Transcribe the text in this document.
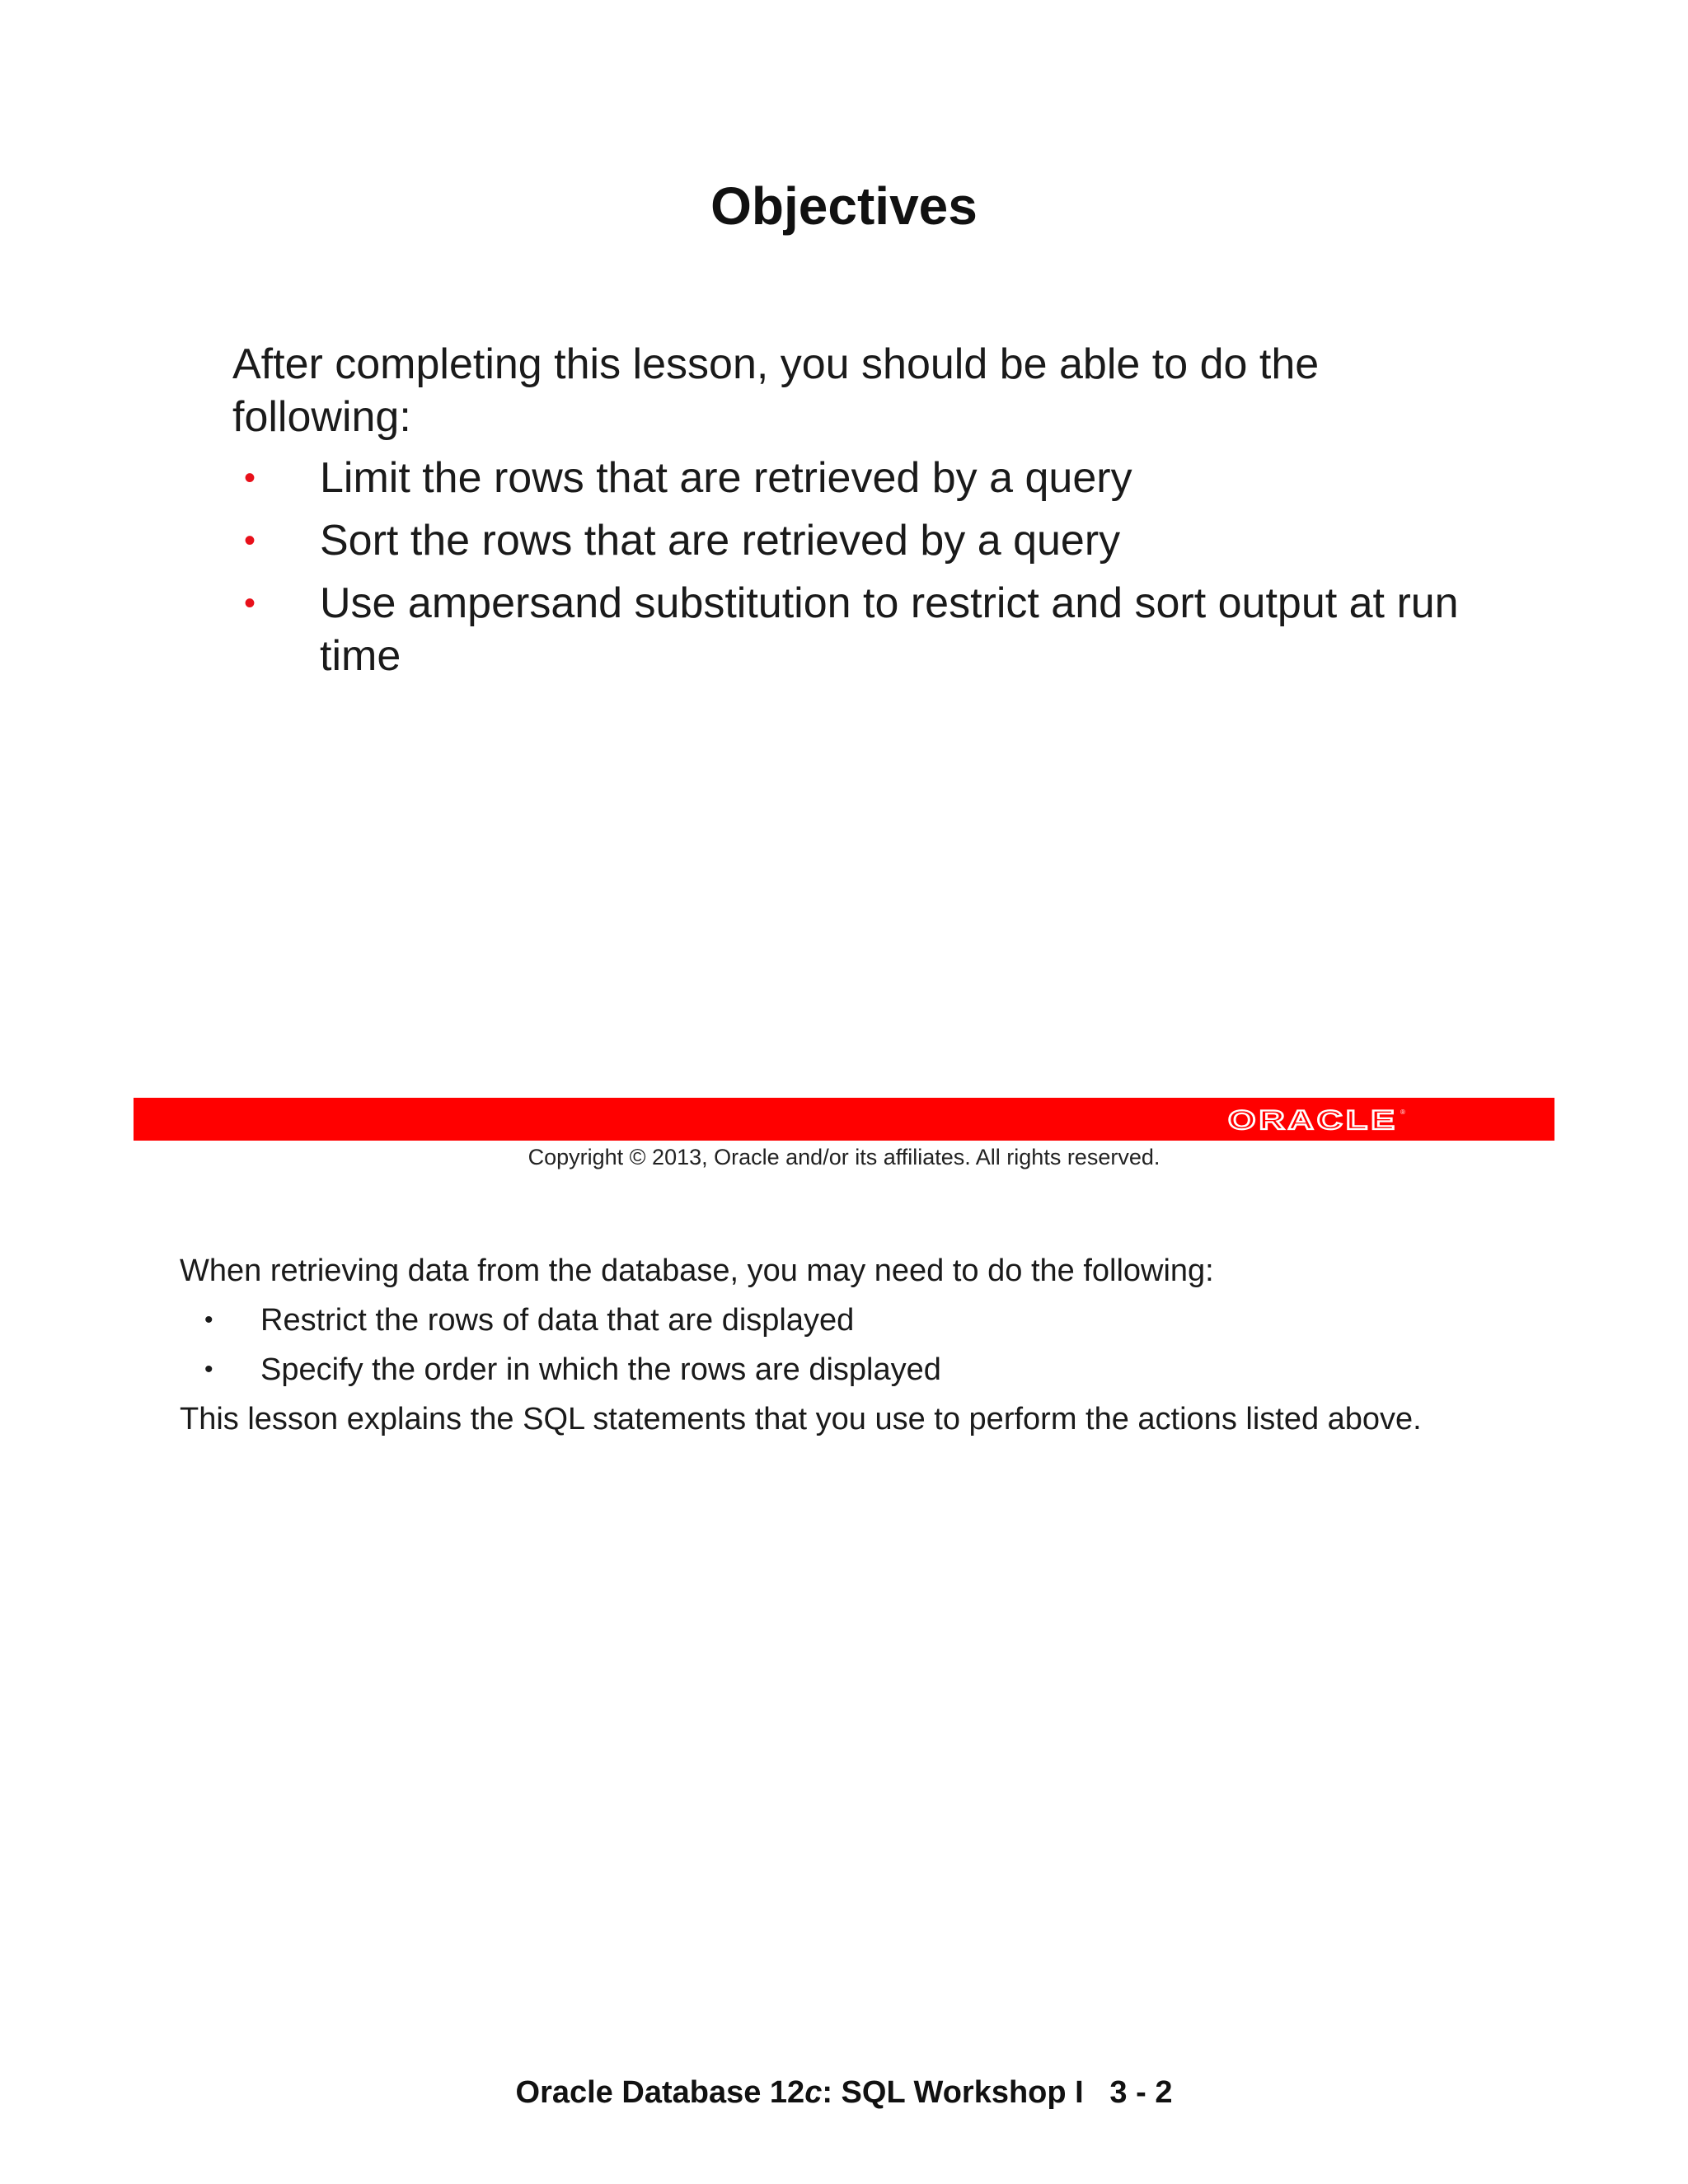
Objectives

After completing this lesson, you should be able to do the following:

• Limit the rows that are retrieved by a query
• Sort the rows that are retrieved by a query
• Use ampersand substitution to restrict and sort output at run time
ORACLE ®

Copyright © 2013, Oracle and/or its affiliates. All rights reserved.

When retrieving data from the database, you may need to do the following:

• Restrict the rows of data that are displayed
• Specify the order in which the rows are displayed

This lesson explains the SQL statements that you use to perform the actions listed above.

Oracle Database 12c: SQL Workshop I 3 - 2
